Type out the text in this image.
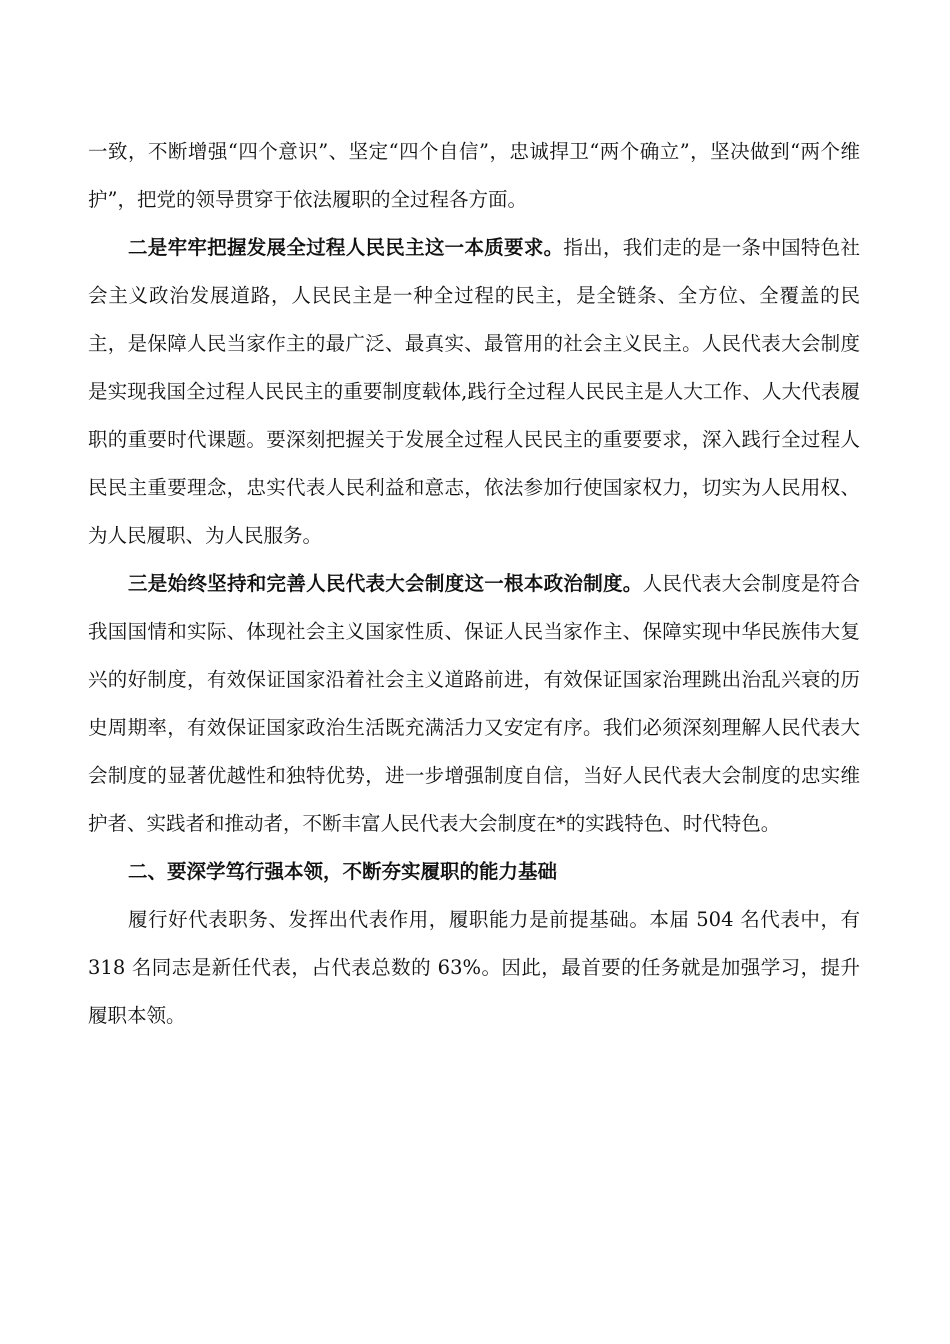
一致，不断增强“四个意识”、坚定“四个自信”，忠诚捍卫“两个确立”，坚决做到“两个维护”，把党的领导贯穿于依法履职的全过程各方面。

二是牢牢把握发展全过程人民民主这一本质要求。指出，我们走的是一条中国特色社会主义政治发展道路，人民民主是一种全过程的民主，是全链条、全方位、全覆盖的民主，是保障人民当家作主的最广泛、最真实、最管用的社会主义民主。人民代表大会制度是实现我国全过程人民民主的重要制度载体,践行全过程人民民主是人大工作、人大代表履职的重要时代课题。要深刻把握关于发展全过程人民民主的重要要求，深入践行全过程人民民主重要理念，忠实代表人民利益和意志，依法参加行使国家权力，切实为人民用权、为人民履职、为人民服务。

三是始终坚持和完善人民代表大会制度这一根本政治制度。人民代表大会制度是符合我国国情和实际、体现社会主义国家性质、保证人民当家作主、保障实现中华民族伟大复兴的好制度，有效保证国家沿着社会主义道路前进，有效保证国家治理跳出治乱兴衰的历史周期率，有效保证国家政治生活既充满活力又安定有序。我们必须深刻理解人民代表大会制度的显著优越性和独特优势，进一步增强制度自信，当好人民代表大会制度的忠实维护者、实践者和推动者，不断丰富人民代表大会制度在*的实践特色、时代特色。

二、要深学笃行强本领，不断夯实履职的能力基础

履行好代表职务、发挥出代表作用，履职能力是前提基础。本届 504 名代表中，有 318 名同志是新任代表，占代表总数的 63%。因此，最首要的任务就是加强学习，提升履职本领。
